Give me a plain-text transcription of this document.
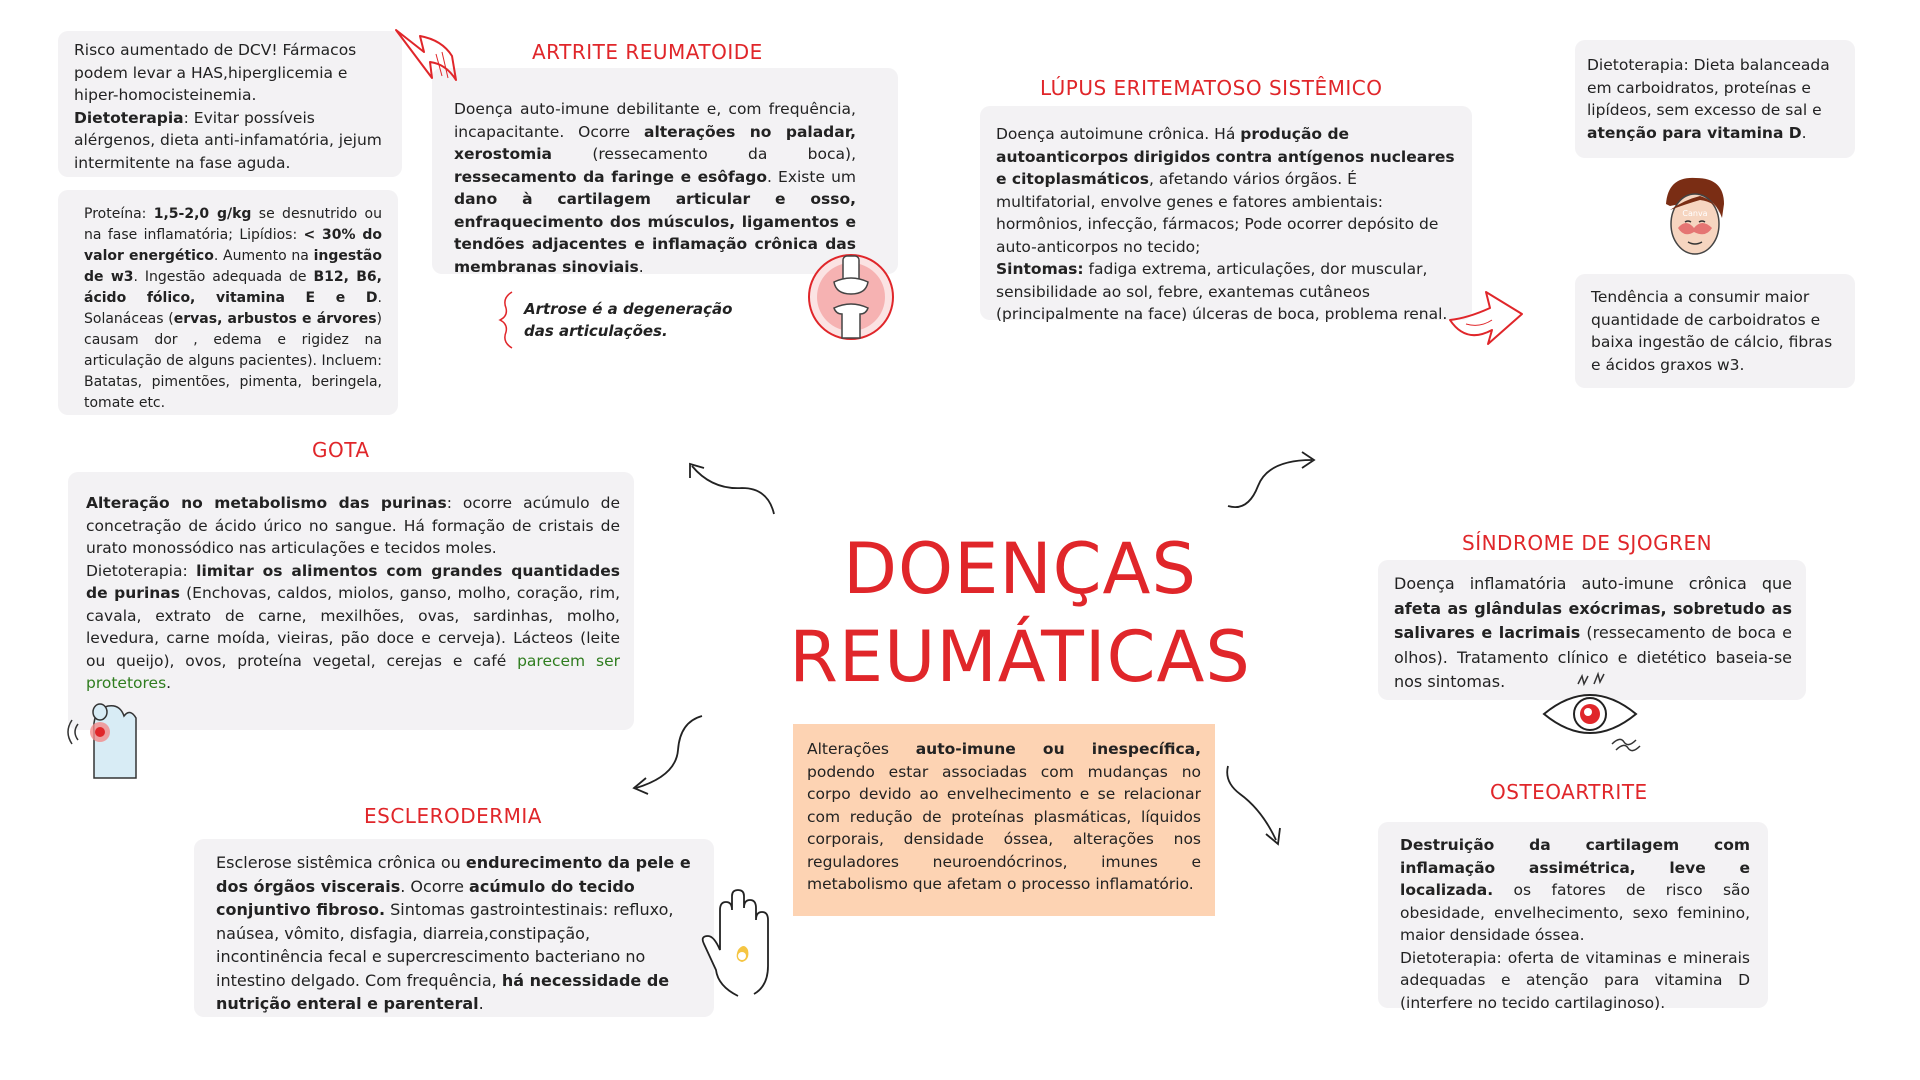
DOENÇAS
REUMÁTICAS
Alterações auto-imune ou inespecífica, podendo estar associadas com mudanças no corpo devido ao envelhecimento e se relacionar com redução de proteínas plasmáticas, líquidos corporais, densidade óssea, alterações nos reguladores neuroendócrinos, imunes e metabolismo que afetam o processo inflamatório.
ARTRITE REUMATOIDE
Risco aumentado de DCV! Fármacos podem levar a HAS,hiperglicemia e hiper-homocisteinemia.
Dietoterapia: Evitar possíveis alérgenos, dieta anti-infamatória, jejum intermitente na fase aguda.
Proteína: 1,5-2,0 g/kg se desnutrido ou na fase inflamatória; Lipídios: < 30% do valor energético. Aumento na ingestão de w3. Ingestão adequada de B12, B6, ácido fólico, vitamina E e D. Solanáceas (ervas, arbustos e árvores) causam dor , edema e rigidez na articulação de alguns pacientes). Incluem: Batatas, pimentões, pimenta, beringela, tomate etc.
Doença auto-imune debilitante e, com frequência, incapacitante. Ocorre alterações no paladar, xerostomia (ressecamento da boca), ressecamento da faringe e esôfago. Existe um dano à cartilagem articular e osso, enfraquecimento dos músculos, ligamentos e tendões adjacentes e inflamação crônica das membranas sinoviais.
Artrose é a degeneração das articulações.
LÚPUS ERITEMATOSO SISTÊMICO
Doença autoimune crônica. Há produção de autoanticorpos dirigidos contra antígenos nucleares e citoplasmáticos, afetando vários órgãos. É multifatorial, envolve genes e fatores ambientais: hormônios, infecção, fármacos; Pode ocorrer depósito de auto-anticorpos no tecido;
Sintomas: fadiga extrema, articulações, dor muscular, sensibilidade ao sol, febre, exantemas cutâneos (principalmente na face) úlceras de boca, problema renal.
Dietoterapia: Dieta balanceada em carboidratos, proteínas e lipídeos, sem excesso de sal e atenção para vitamina D.
Canva
Tendência a consumir maior quantidade de carboidratos e baixa ingestão de cálcio, fibras e ácidos graxos w3.
GOTA
Alteração no metabolismo das purinas: ocorre acúmulo de concetração de ácido úrico no sangue. Há formação de cristais de urato monossódico nas articulações e tecidos moles.
Dietoterapia: limitar os alimentos com grandes quantidades de purinas (Enchovas, caldos, miolos, ganso, molho, coração, rim, cavala, extrato de carne, mexilhões, ovas, sardinhas, molho, levedura, carne moída, vieiras, pão doce e cerveja). Lácteos (leite ou queijo), ovos, proteína vegetal, cerejas e café parecem ser protetores.
ESCLERODERMIA
Esclerose sistêmica crônica ou endurecimento da pele e dos órgãos viscerais. Ocorre acúmulo do tecido conjuntivo fibroso. Sintomas gastrointestinais: refluxo, naúsea, vômito, disfagia, diarreia,constipação, incontinência fecal e supercrescimento bacteriano no intestino delgado. Com frequência, há necessidade de nutrição enteral e parenteral.
SÍNDROME DE SJOGREN
Doença inflamatória auto-imune crônica que afeta as glândulas exócrimas, sobretudo as salivares e lacrimais (ressecamento de boca e olhos). Tratamento clínico e dietético baseia-se nos sintomas.
OSTEOARTRITE
Destruição da cartilagem com inflamação assimétrica, leve e localizada. os fatores de risco são obesidade, envelhecimento, sexo feminino, maior densidade óssea.
Dietoterapia: oferta de vitaminas e minerais adequadas e atenção para vitamina D (interfere no tecido cartilaginoso).
